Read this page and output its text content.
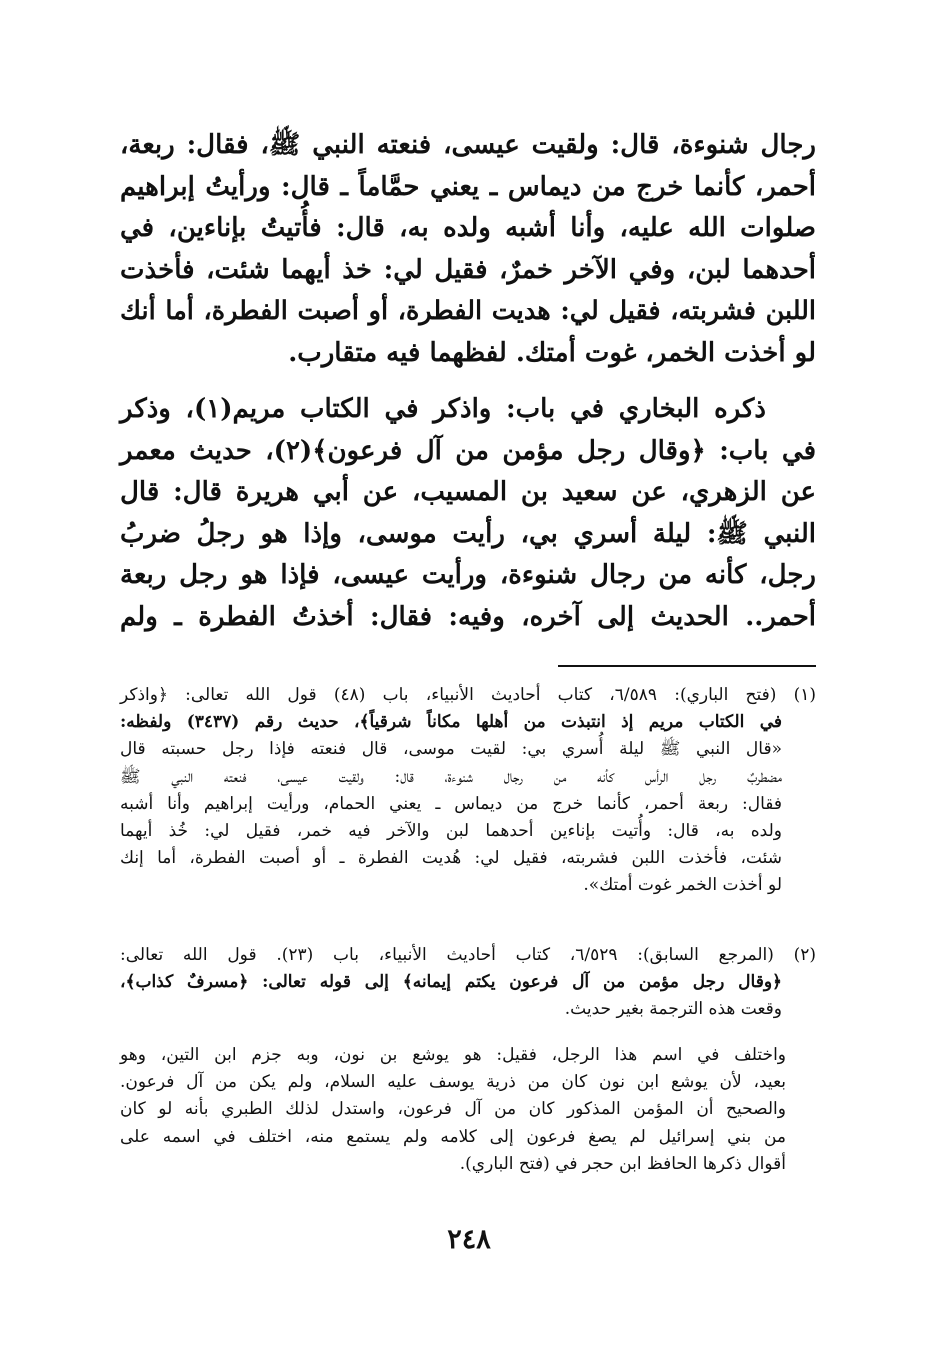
رجال شنوءة، قال: ولقيت عيسى، فنعته النبي ﷺ، فقال: ربعة،
أحمر، كأنما خرج من ديماس ـ يعني حمَّاماً ـ قال: ورأيتُ إبراهيم
صلوات الله عليه، وأنا أشبه ولده به، قال: فأُتيتُ بإناءين، في
أحدهما لبن، وفي الآخر خمرٌ، فقيل لي: خذ أيهما شئت، فأخذت
اللبن فشربته، فقيل لي: هديت الفطرة، أو أصبت الفطرة، أما أنك
لو أخذت الخمر، غوت أمتك. لفظهما فيه متقارب.
ذكره البخاري في باب: واذكر في الكتاب مريم(١)، وذكر
في باب: ﴿وقال رجل مؤمن من آل فرعون﴾(٢)، حديث معمر
عن الزهري، عن سعيد بن المسيب، عن أبي هريرة قال: قال
النبي ﷺ: ليلة أسري بي، رأيت موسى، وإذا هو رجلُ ضربُ
رجل، كأنه من رجال شنوءة، ورأيت عيسى، فإذا هو رجل ربعة
أحمر.. الحديث إلى آخره، وفيه: فقال: أخذتُ الفطرة ـ ولم
(١) (فتح الباري): ٦/٥٨٩، كتاب أحاديث الأنبياء، باب (٤٨) قول الله تعالى: ﴿واذكر
في الكتاب مريم إذ انتبذت من أهلها مكاناً شرقياً﴾، حديث رقم (٣٤٣٧) ولفظه:
«قال النبي ﷺ ليلة أُسري بي: لقيت موسى، قال فنعته فإذا رجل حسبته قال
مضطربٌ رجل الرأس كأنه من رجال شنوءة، قال: ولقيت عيسى، فنعته النبي ﷺ
فقال: ربعة أحمر، كأنما خرج من ديماس ـ يعني الحمام، ورأيت إبراهيم وأنا أشبه
ولده به، قال: وأُتيت بإناءين أحدهما لبن والآخر فيه خمر، فقيل لي: خُذ أيهما
شئت، فأخذت اللبن فشربته، فقيل لي: هُديت الفطرة ـ أو أصبت الفطرة، أما إنك
لو أخذت الخمر غوت أمتك».
(٢) (المرجع السابق): ٦/٥٢٩، كتاب أحاديث الأنبياء، باب (٢٣). قول الله تعالى:
﴿وقال رجل مؤمن من آل فرعون يكتم إيمانه﴾ إلى قوله تعالى: ﴿مسرفٌ كذاب﴾،
وقعت هذه الترجمة بغير حديث.
واختلف في اسم هذا الرجل، فقيل: هو يوشع بن نون، وبه جزم ابن التين، وهو
بعيد، لأن يوشع ابن نون كان من ذرية يوسف عليه السلام، ولم يكن من آل فرعون.
والصحيح أن المؤمن المذكور كان من آل فرعون، واستدل لذلك الطبري بأنه لو كان
من بني إسرائيل لم يصغ فرعون إلى كلامه ولم يستمع منه، اختلف في اسمه على
أقوال ذكرها الحافظ ابن حجر في (فتح الباري).
٢٤٨
